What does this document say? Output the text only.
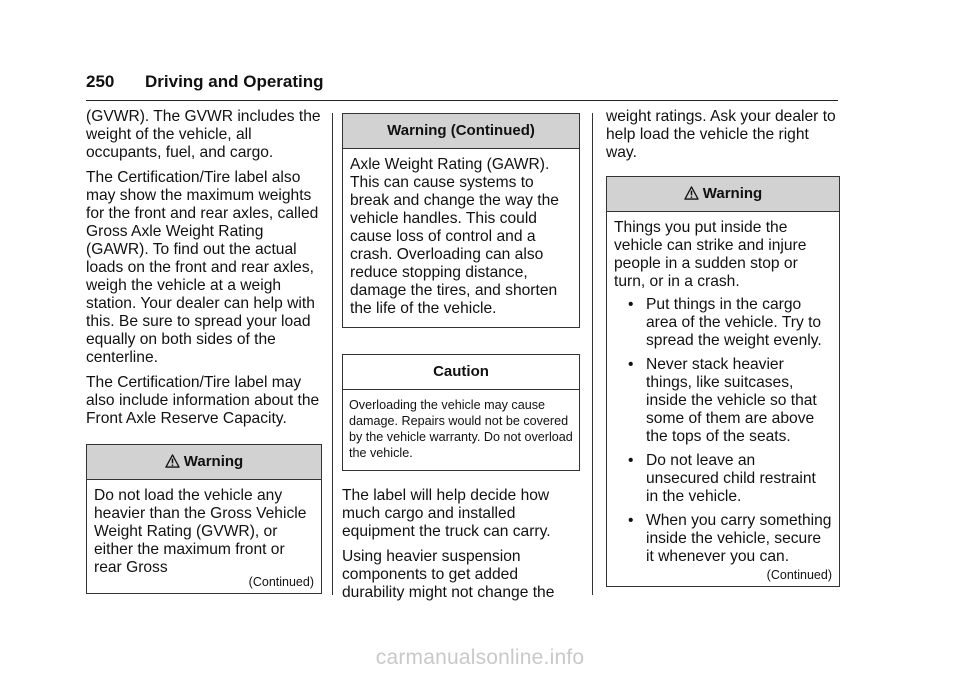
250 Driving and Operating

(GVWR). The GVWR includes the weight of the vehicle, all occupants, fuel, and cargo.

The Certification/Tire label also may show the maximum weights for the front and rear axles, called Gross Axle Weight Rating (GAWR). To find out the actual loads on the front and rear axles, weigh the vehicle at a weigh station. Your dealer can help with this. Be sure to spread your load equally on both sides of the centerline.

The Certification/Tire label may also include information about the Front Axle Reserve Capacity.

Warning
Do not load the vehicle any heavier than the Gross Vehicle Weight Rating (GVWR), or either the maximum front or rear Gross
(Continued)
Warning (Continued)
Axle Weight Rating (GAWR). This can cause systems to break and change the way the vehicle handles. This could cause loss of control and a crash. Overloading can also reduce stopping distance, damage the tires, and shorten the life of the vehicle.
Caution
Overloading the vehicle may cause damage. Repairs would not be covered by the vehicle warranty. Do not overload the vehicle.

The label will help decide how much cargo and installed equipment the truck can carry.

Using heavier suspension components to get added durability might not change the

weight ratings. Ask your dealer to help load the vehicle the right way.

Warning
Things you put inside the vehicle can strike and injure people in a sudden stop or turn, or in a crash.
• Put things in the cargo area of the vehicle. Try to spread the weight evenly.
• Never stack heavier things, like suitcases, inside the vehicle so that some of them are above the tops of the seats.
• Do not leave an unsecured child restraint in the vehicle.
• When you carry something inside the vehicle, secure it whenever you can.
(Continued)
carmanualsonline.info
